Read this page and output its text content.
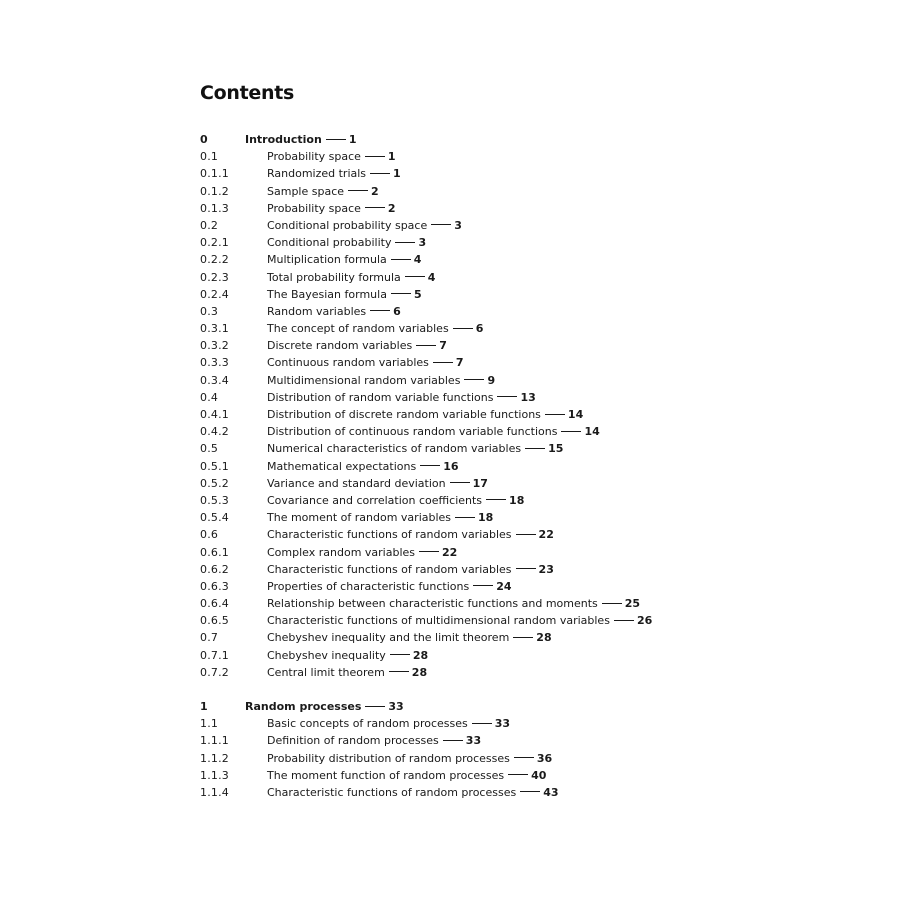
Contents
0	Introduction 1
0.1	Probability space 1
0.1.1	Randomized trials 1
0.1.2	Sample space 2
0.1.3	Probability space 2
0.2	Conditional probability space 3
0.2.1	Conditional probability 3
0.2.2	Multiplication formula 4
0.2.3	Total probability formula 4
0.2.4	The Bayesian formula 5
0.3	Random variables 6
0.3.1	The concept of random variables 6
0.3.2	Discrete random variables 7
0.3.3	Continuous random variables 7
0.3.4	Multidimensional random variables 9
0.4	Distribution of random variable functions 13
0.4.1	Distribution of discrete random variable functions 14
0.4.2	Distribution of continuous random variable functions 14
0.5	Numerical characteristics of random variables 15
0.5.1	Mathematical expectations 16
0.5.2	Variance and standard deviation 17
0.5.3	Covariance and correlation coefficients 18
0.5.4	The moment of random variables 18
0.6	Characteristic functions of random variables 22
0.6.1	Complex random variables 22
0.6.2	Characteristic functions of random variables 23
0.6.3	Properties of characteristic functions 24
0.6.4	Relationship between characteristic functions and moments 25
0.6.5	Characteristic functions of multidimensional random variables 26
0.7	Chebyshev inequality and the limit theorem 28
0.7.1	Chebyshev inequality 28
0.7.2	Central limit theorem 28
1	Random processes 33
1.1	Basic concepts of random processes 33
1.1.1	Definition of random processes 33
1.1.2	Probability distribution of random processes 36
1.1.3	The moment function of random processes 40
1.1.4	Characteristic functions of random processes 43
